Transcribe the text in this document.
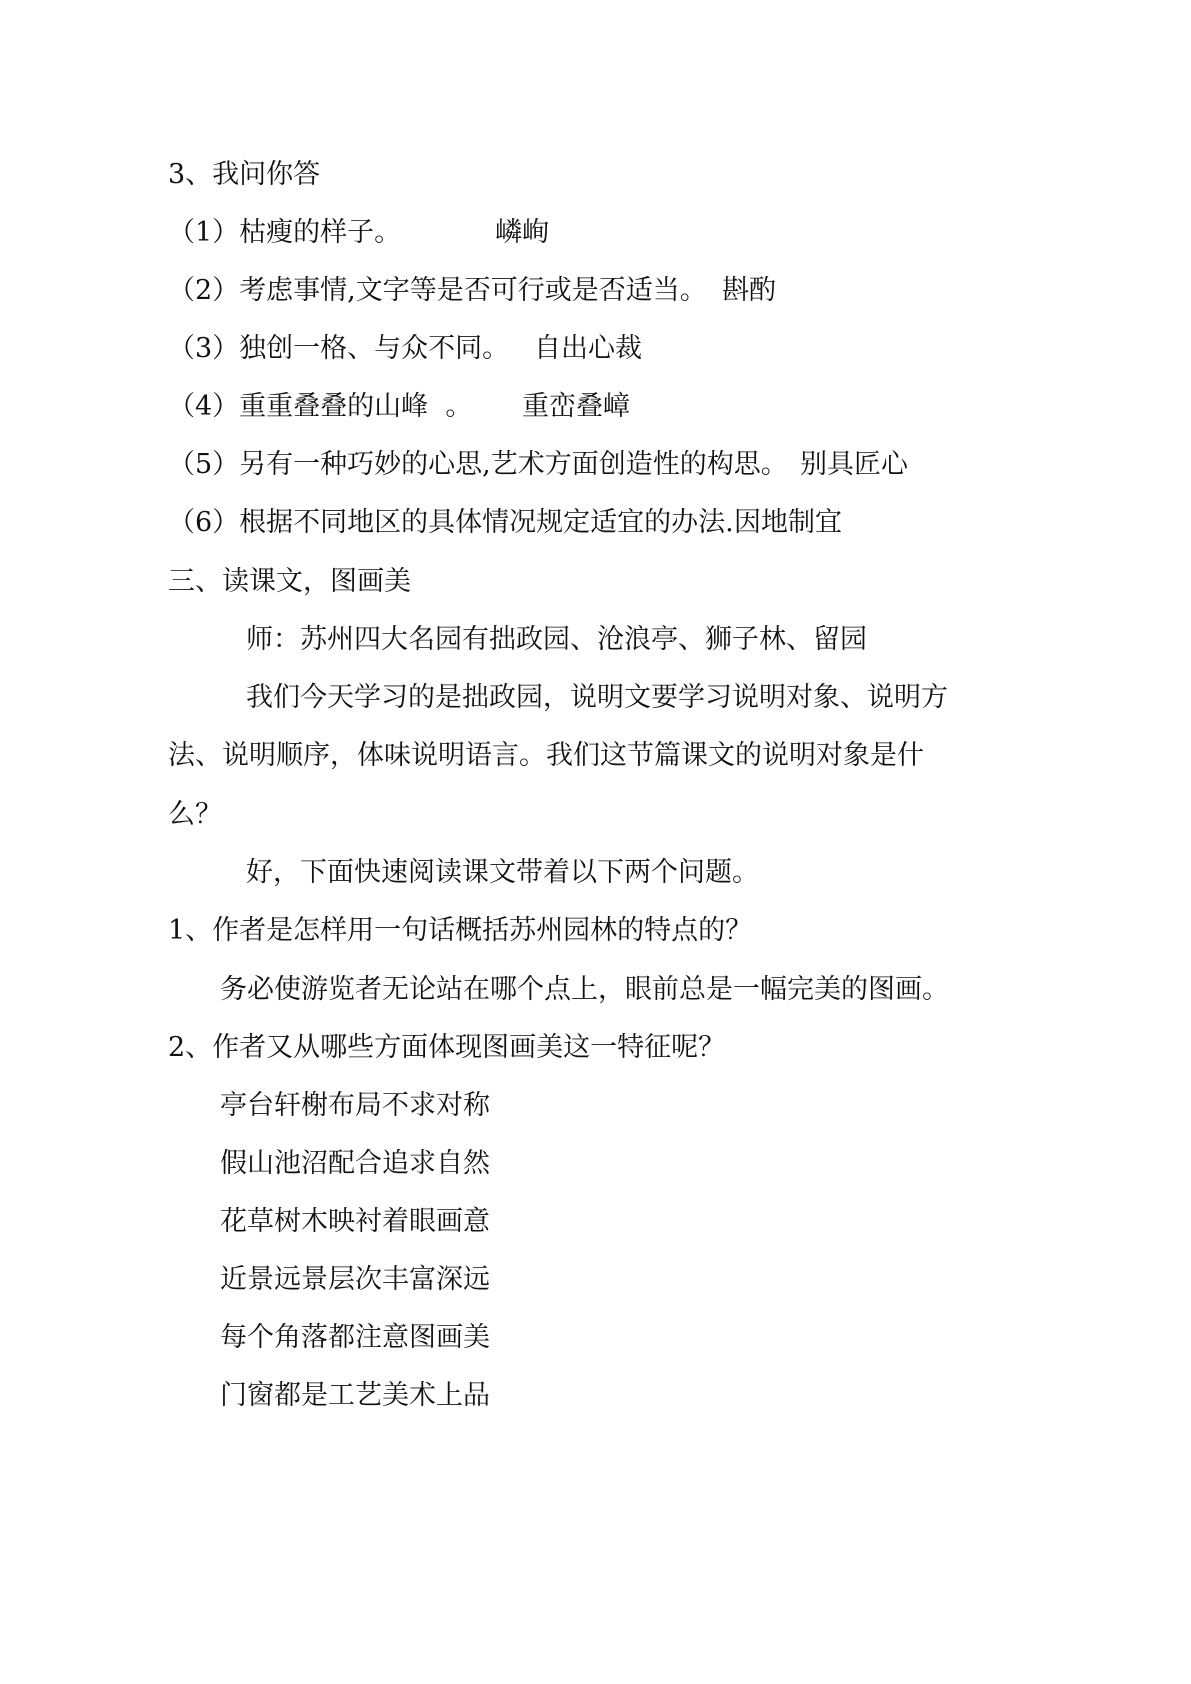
3、我问你答
（1）枯瘦的样子。	嶙峋
（2）考虑事情,文字等是否可行或是否适当。 斟酌
（3）独创一格、与众不同。 自出心裁
（4）重重叠叠的山峰  。 重峦叠嶂
（5）另有一种巧妙的心思,艺术方面创造性的构思。 别具匠心
（6）根据不同地区的具体情况规定适宜的办法. 因地制宜
三、读课文，图画美
师：苏州四大名园有拙政园、沧浪亭、狮子林、留园
我们今天学习的是拙政园，说明文要学习说明对象、说明方
法、说明顺序，体味说明语言。我们这节篇课文的说明对象是什
么？
好，下面快速阅读课文带着以下两个问题。
1、作者是怎样用一句话概括苏州园林的特点的？
务必使游览者无论站在哪个点上，眼前总是一幅完美的图画。
2、作者又从哪些方面体现图画美这一特征呢？
亭台轩榭布局不求对称
假山池沼配合追求自然
花草树木映衬着眼画意
近景远景层次丰富深远
每个角落都注意图画美
门窗都是工艺美术上品
